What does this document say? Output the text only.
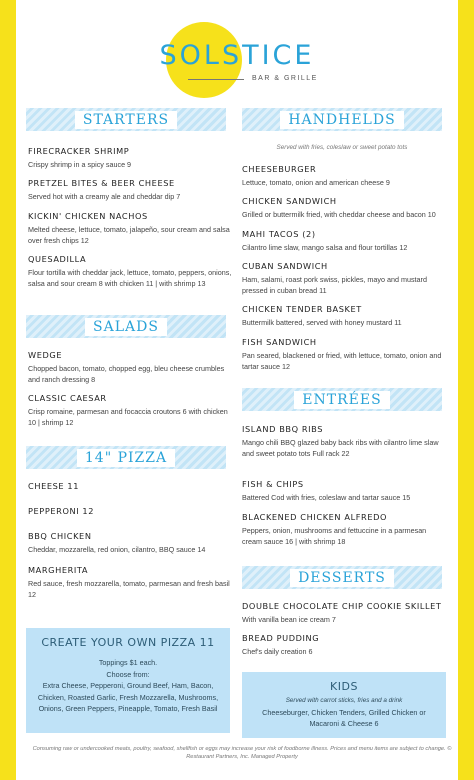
SOLSTICE
BAR & GRILLE
STARTERS
FIRECRACKER SHRIMP
Crispy shrimp in a spicy sauce 9
PRETZEL BITES & BEER CHEESE
Served hot with a creamy ale and cheddar dip 7
KICKIN' CHICKEN NACHOS
Melted cheese, lettuce, tomato, jalapeño, sour cream and salsa over fresh chips 12
QUESADILLA
Flour tortilla with cheddar jack, lettuce, tomato, peppers, onions, salsa and sour cream 8 with chicken 11 | with shrimp 13
SALADS
WEDGE
Chopped bacon, tomato, chopped egg, bleu cheese crumbles and ranch dressing 8
CLASSIC CAESAR
Crisp romaine, parmesan and focaccia croutons 6 with chicken 10 | shrimp 12
14" PIZZA
CHEESE 11
PEPPERONI 12
BBQ CHICKEN
Cheddar, mozzarella, red onion, cilantro, BBQ sauce 14
MARGHERITA
Red sauce, fresh mozzarella, tomato, parmesan and fresh basil 12
CREATE YOUR OWN PIZZA 11
Toppings $1 each.
Choose from:
Extra Cheese, Pepperoni, Ground Beef, Ham, Bacon, Chicken, Roasted Garlic, Fresh Mozzarella, Mushrooms, Onions, Green Peppers, Pineapple, Tomato, Fresh Basil
HANDHELDS
Served with fries, coleslaw or sweet potato tots
CHEESEBURGER
Lettuce, tomato, onion and american cheese 9
CHICKEN SANDWICH
Grilled or buttermilk fried, with cheddar cheese and bacon 10
MAHI TACOS (2)
Cilantro lime slaw, mango salsa and flour tortillas 12
CUBAN SANDWICH
Ham, salami, roast pork swiss, pickles, mayo and mustard pressed in cuban bread 11
CHICKEN TENDER BASKET
Buttermilk battered, served with honey mustard 11
FISH SANDWICH
Pan seared, blackened or fried, with lettuce, tomato, onion and tartar sauce 12
ENTRÉES
ISLAND BBQ RIBS
Mango chili BBQ glazed baby back ribs with cilantro lime slaw and sweet potato tots Full rack 22
FISH & CHIPS
Battered Cod with fries, coleslaw and tartar sauce 15
BLACKENED CHICKEN ALFREDO
Peppers, onion, mushrooms and fettuccine in a parmesan cream sauce 16 | with shrimp 18
DESSERTS
DOUBLE CHOCOLATE CHIP COOKIE SKILLET
With vanilla bean ice cream 7
BREAD PUDDING
Chef's daily creation 6
KIDS
Served with carrot sticks, fries and a drink
Cheeseburger, Chicken Tenders, Grilled Chicken or Macaroni & Cheese 6
Consuming raw or undercooked meats, poultry, seafood, shellfish or eggs may increase your risk of foodborne illness. Prices and menu items are subject to change. © Restaurant Partners, Inc. Managed Property
